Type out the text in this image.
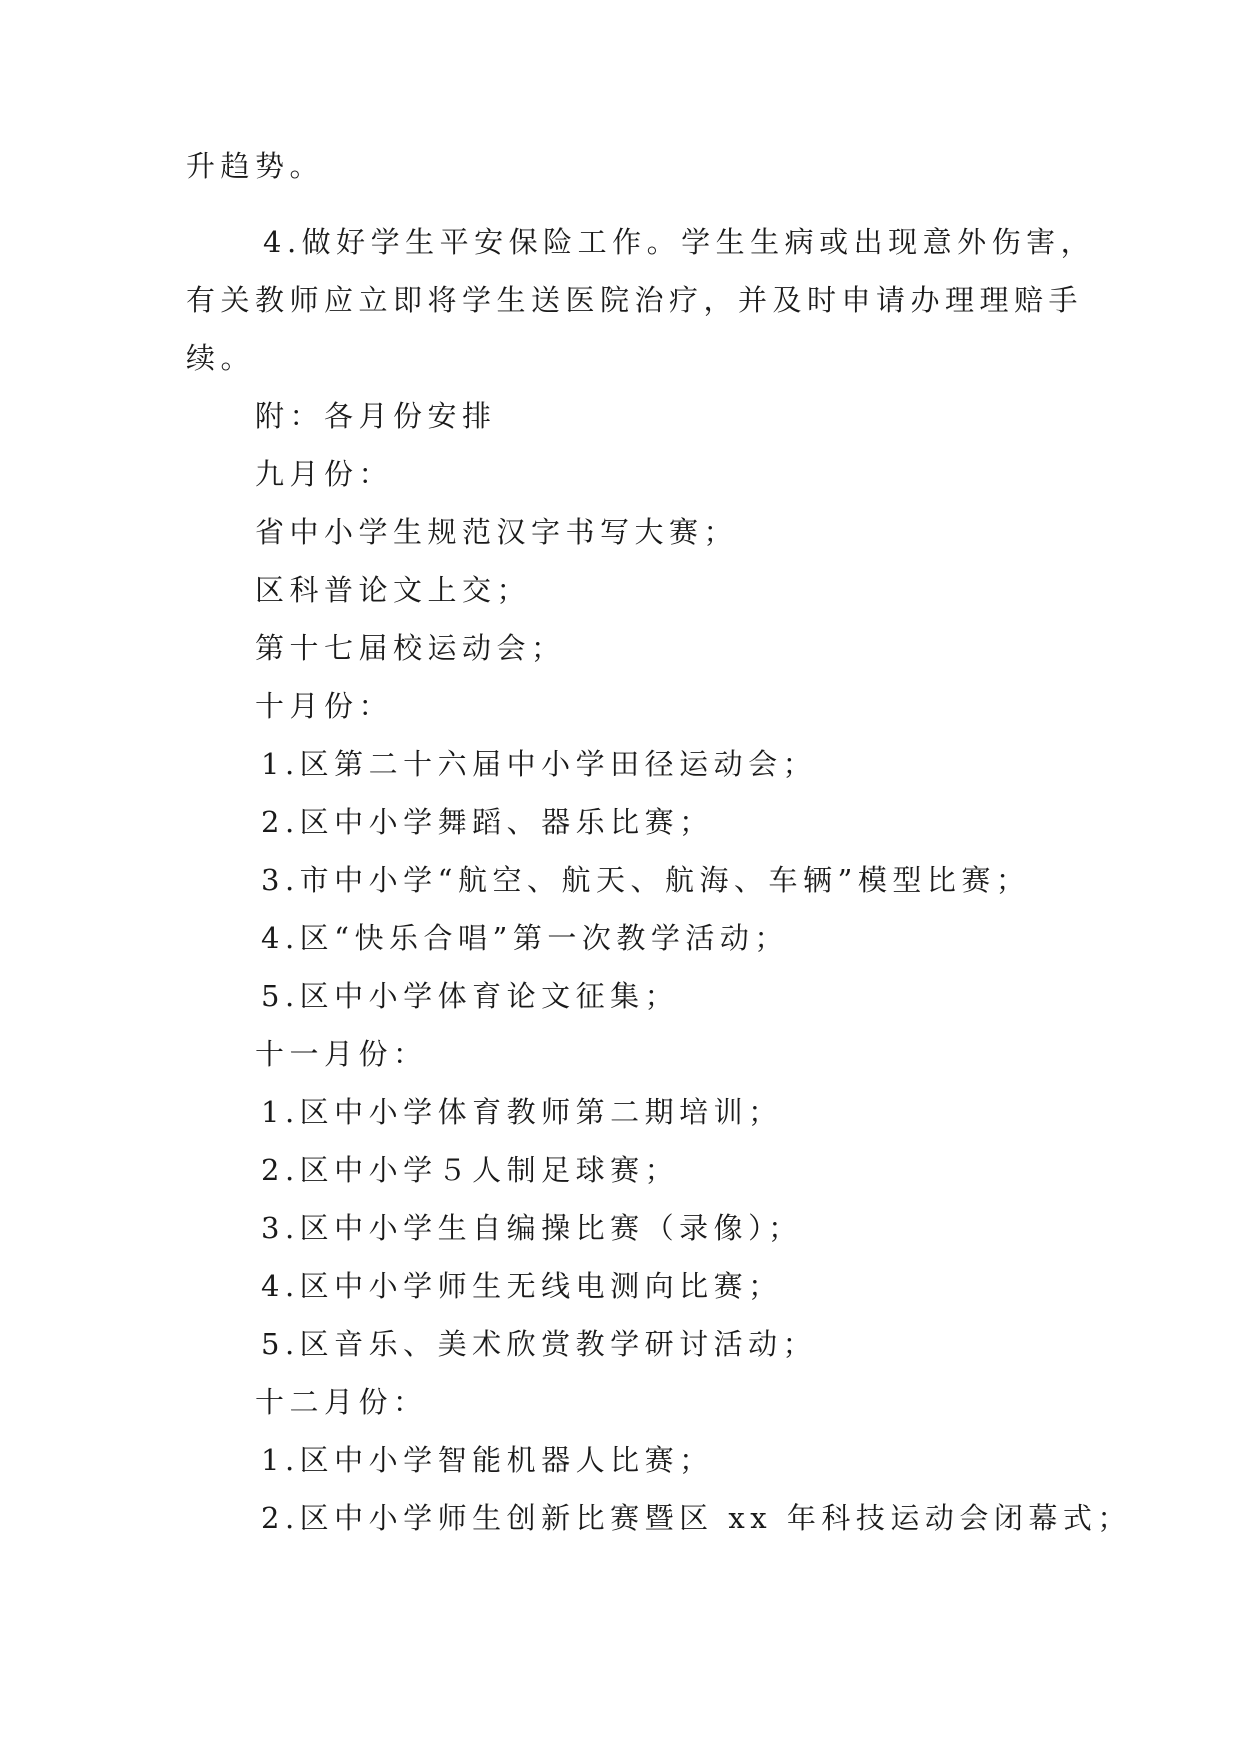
升趋势。
4.做好学生平安保险工作。学生生病或出现意外伤害，
有关教师应立即将学生送医院治疗，并及时申请办理理赔手
续。
附：各月份安排
九月份：
省中小学生规范汉字书写大赛；
区科普论文上交；
第十七届校运动会；
十月份：
1.区第二十六届中小学田径运动会；
2.区中小学舞蹈、器乐比赛；
3.市中小学“航空、航天、航海、车辆”模型比赛；
4.区“快乐合唱”第一次教学活动；
5.区中小学体育论文征集；
十一月份：
1.区中小学体育教师第二期培训；
2.区中小学５人制足球赛；
3.区中小学生自编操比赛（录像）；
4.区中小学师生无线电测向比赛；
5.区音乐、美术欣赏教学研讨活动；
十二月份：
1.区中小学智能机器人比赛；
2.区中小学师生创新比赛暨区 xx 年科技运动会闭幕式；
